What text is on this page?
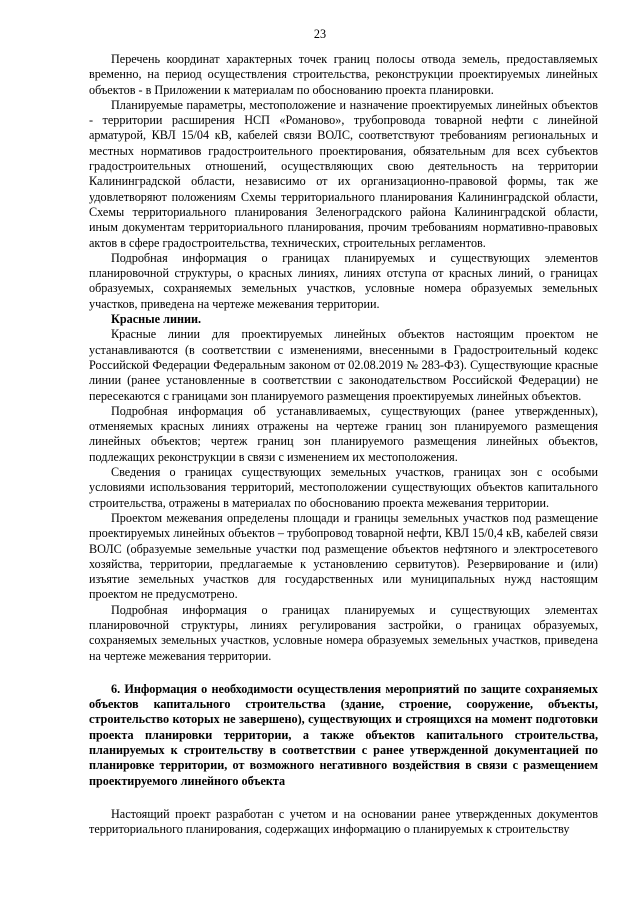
23

Перечень координат характерных точек границ полосы отвода земель, предоставляемых временно, на период осуществления строительства, реконструкции проектируемых линейных объектов - в Приложении к материалам по обоснованию проекта планировки.

Планируемые параметры, местоположение и назначение проектируемых линейных объектов - территории расширения НСП «Романово», трубопровода товарной нефти с линейной арматурой, КВЛ 15/04 кВ, кабелей связи ВОЛС, соответствуют требованиям региональных и местных нормативов градостроительного проектирования, обязательным для всех субъектов градостроительных отношений, осуществляющих свою деятельность на территории Калининградской области, независимо от их организационно-правовой формы, так же удовлетворяют положениям Схемы территориального планирования Калининградской области, Схемы территориального планирования Зеленоградского района Калининградской области, иным документам территориального планирования, прочим требованиям нормативно-правовых актов в сфере градостроительства, технических, строительных регламентов.

Подробная информация о границах планируемых и существующих элементов планировочной структуры, о красных линиях, линиях отступа от красных линий, о границах образуемых, сохраняемых земельных участков, условные номера образуемых земельных участков, приведена на чертеже межевания территории.

Красные линии.

Красные линии для проектируемых линейных объектов настоящим проектом не устанавливаются (в соответствии с изменениями, внесенными в Градостроительный кодекс Российской Федерации Федеральным законом от 02.08.2019 № 283-ФЗ). Существующие красные линии (ранее установленные в соответствии с законодательством Российской Федерации) не пересекаются с границами зон планируемого размещения проектируемых линейных объектов.

Подробная информация об устанавливаемых, существующих (ранее утвержденных), отменяемых красных линиях отражены на чертеже границ зон планируемого размещения линейных объектов; чертеж границ зон планируемого размещения линейных объектов, подлежащих реконструкции в связи с изменением их местоположения.

Сведения о границах существующих земельных участков, границах зон с особыми условиями использования территорий, местоположении существующих объектов капитального строительства, отражены в материалах по обоснованию проекта межевания территории.

Проектом межевания определены площади и границы земельных участков под размещение проектируемых линейных объектов – трубопровод товарной нефти, КВЛ 15/0,4 кВ, кабелей связи ВОЛС (образуемые земельные участки под размещение объектов нефтяного и электросетевого хозяйства, территории, предлагаемые к установлению сервитутов). Резервирование и (или) изъятие земельных участков для государственных или муниципальных нужд настоящим проектом не предусмотрено.

Подробная информация о границах планируемых и существующих элементах планировочной структуры, линиях регулирования застройки, о границах образуемых, сохраняемых земельных участков, условные номера образуемых земельных участков, приведена на чертеже межевания территории.

6. Информация о необходимости осуществления мероприятий по защите сохраняемых объектов капитального строительства (здание, строение, сооружение, объекты, строительство которых не завершено), существующих и строящихся на момент подготовки проекта планировки территории, а также объектов капитального строительства, планируемых к строительству в соответствии с ранее утвержденной документацией по планировке территории, от возможного негативного воздействия в связи с размещением проектируемого линейного объекта

Настоящий проект разработан с учетом и на основании ранее утвержденных документов территориального планирования, содержащих информацию о планируемых к строительству
